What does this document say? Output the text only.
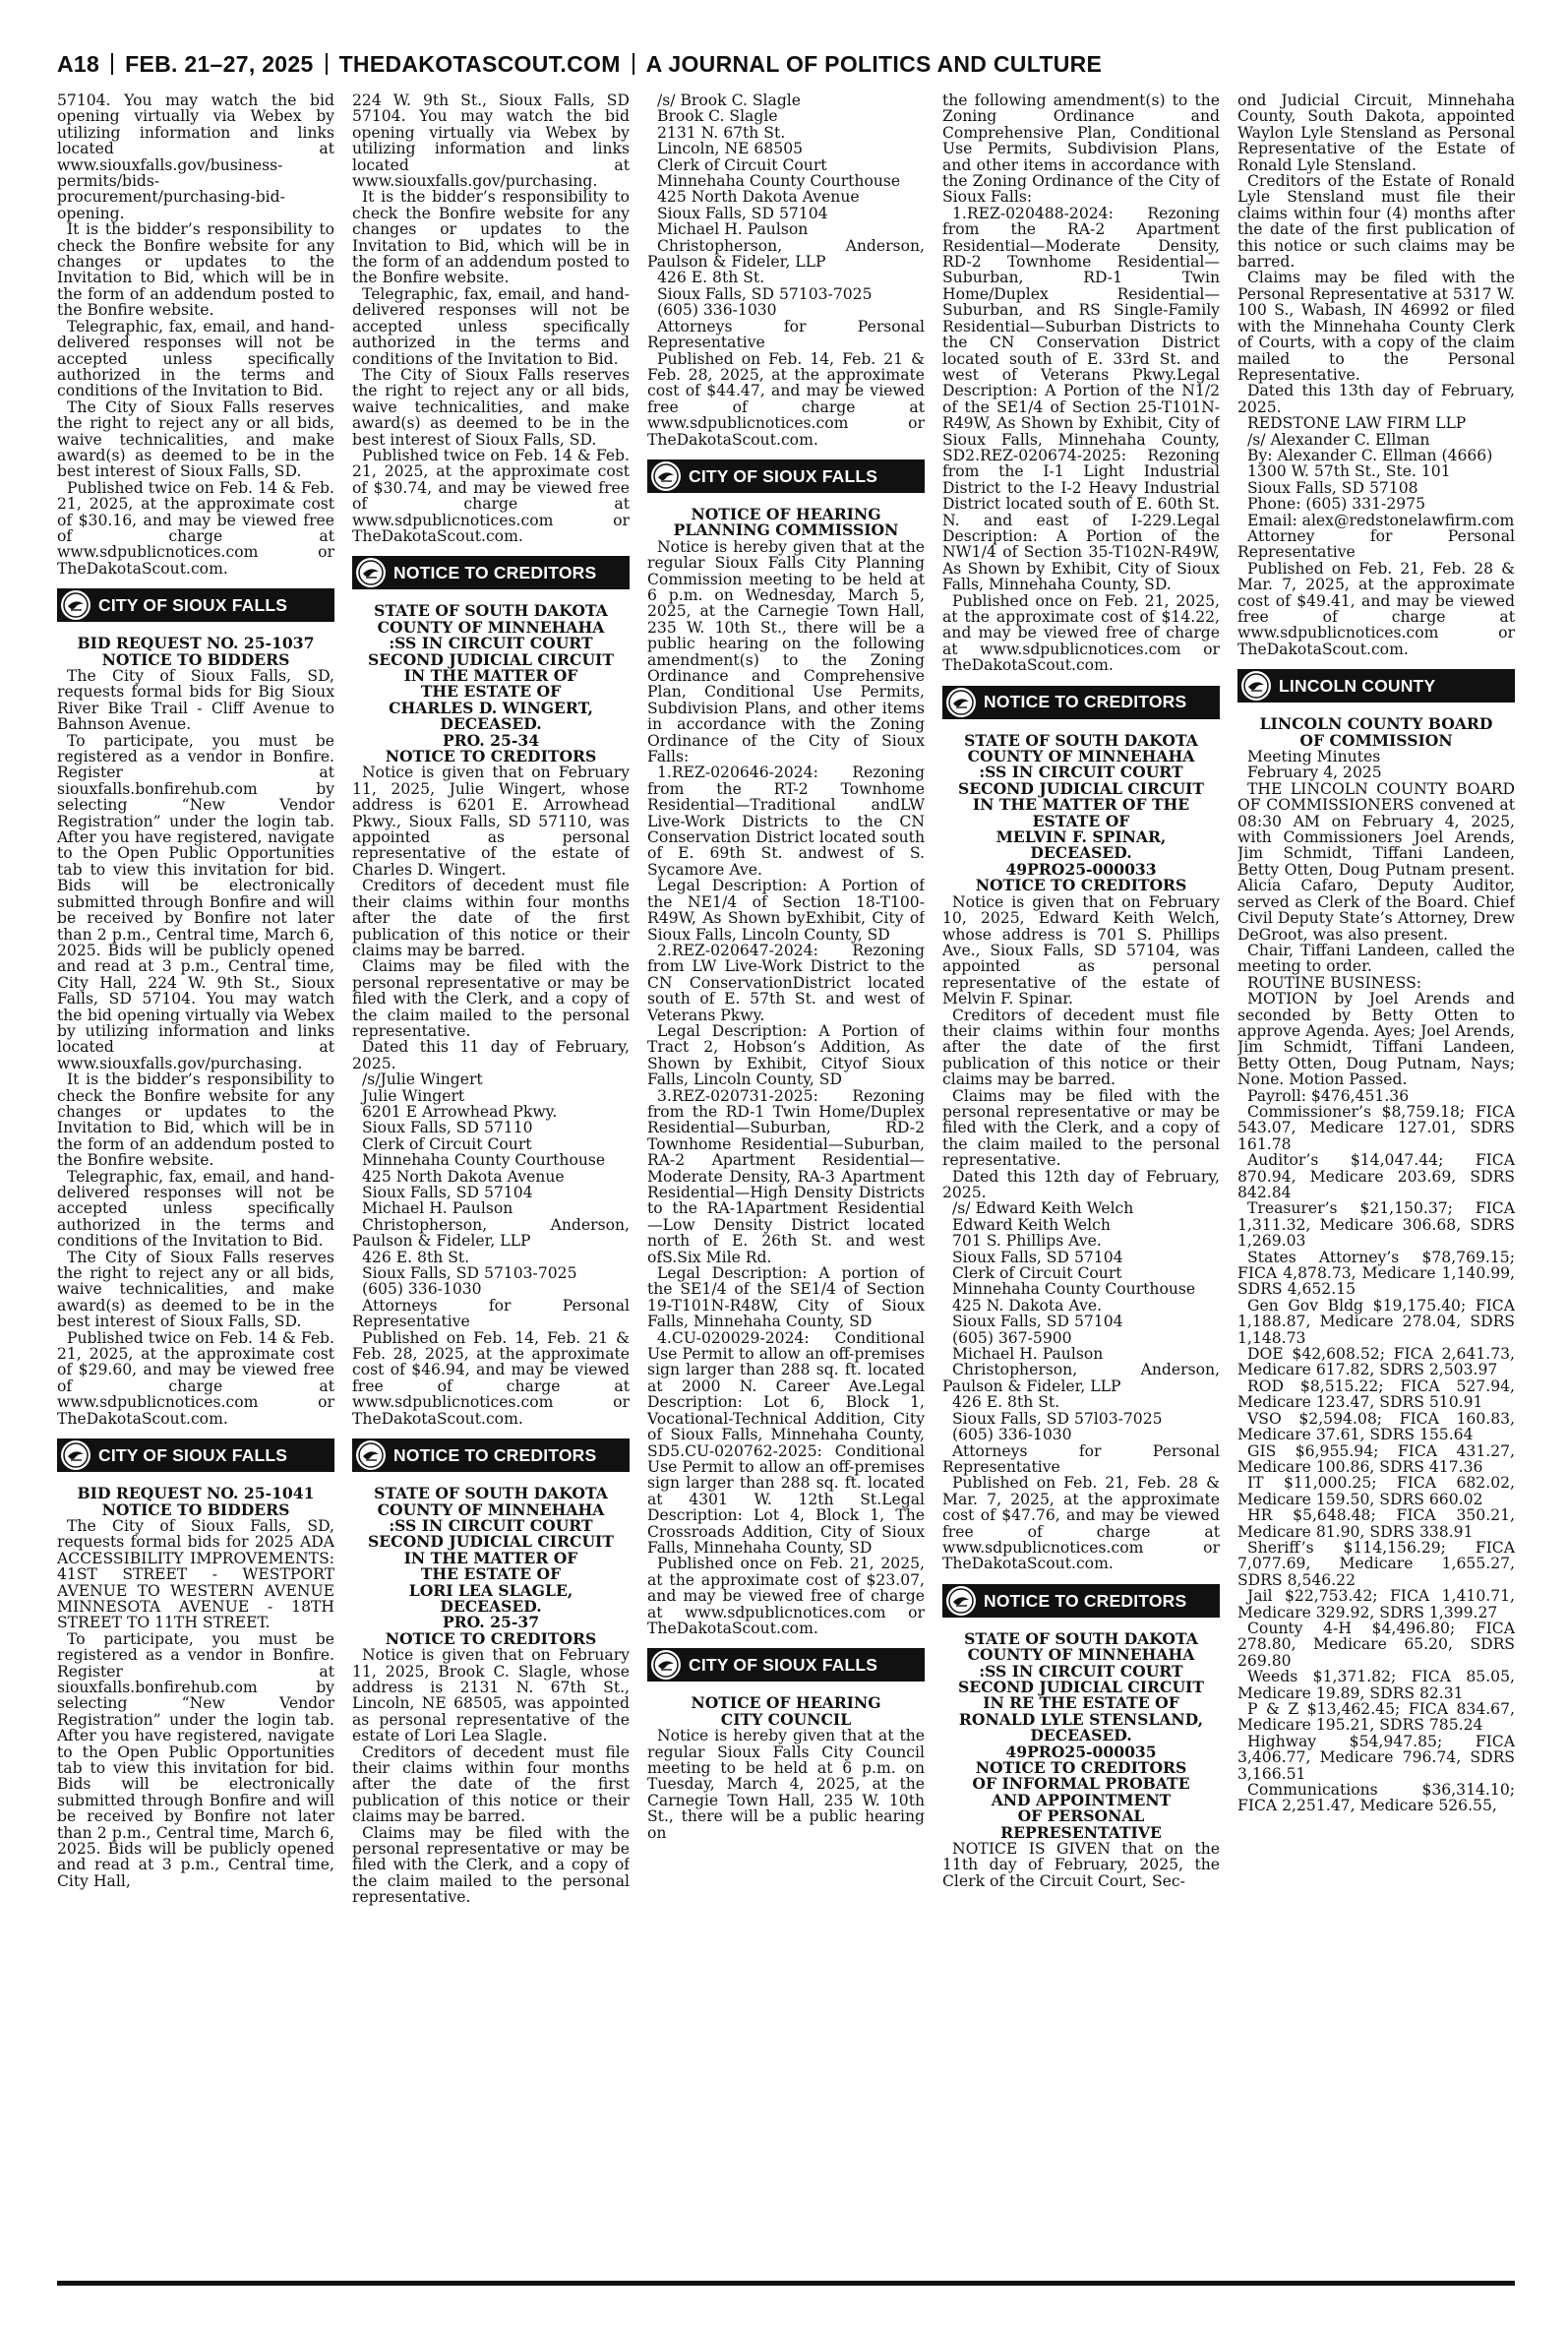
A18 FEB. 21–27, 2025 THEDAKOTASCOUT.COM A JOURNAL OF POLITICS AND CULTURE

57104. You may watch the bid opening virtually via Webex by utilizing information and links located at www.siouxfalls.gov/business-permits/bids-procurement/purchasing-bid-opening.

It is the bidder’s responsibility to check the Bonfire website for any changes or updates to the Invitation to Bid, which will be in the form of an addendum posted to the Bonfire website.

Telegraphic, fax, email, and hand-delivered responses will not be accepted unless specifically authorized in the terms and conditions of the Invitation to Bid.

The City of Sioux Falls reserves the right to reject any or all bids, waive technicalities, and make award(s) as deemed to be in the best interest of Sioux Falls, SD.

Published twice on Feb. 14 & Feb. 21, 2025, at the approximate cost of $30.16, and may be viewed free of charge at www.sdpublicnotices.com or TheDakotaScout.com.

CITY OF SIOUX FALLS
BID REQUEST NO. 25-1037
NOTICE TO BIDDERS

The City of Sioux Falls, SD, requests formal bids for Big Sioux River Bike Trail - Cliff Avenue to Bahnson Avenue.

To participate, you must be registered as a vendor in Bonfire. Register at siouxfalls.bonfirehub.com by selecting “New Vendor Registration” under the login tab. After you have registered, navigate to the Open Public Opportunities tab to view this invitation for bid. Bids will be electronically submitted through Bonfire and will be received by Bonfire not later than 2 p.m., Central time, March 6, 2025. Bids will be publicly opened and read at 3 p.m., Central time, City Hall, 224 W. 9th St., Sioux Falls, SD 57104. You may watch the bid opening virtually via Webex by utilizing information and links located at www.siouxfalls.gov/purchasing.

It is the bidder’s responsibility to check the Bonfire website for any changes or updates to the Invitation to Bid, which will be in the form of an addendum posted to the Bonfire website.

Telegraphic, fax, email, and hand-delivered responses will not be accepted unless specifically authorized in the terms and conditions of the Invitation to Bid.

The City of Sioux Falls reserves the right to reject any or all bids, waive technicalities, and make award(s) as deemed to be in the best interest of Sioux Falls, SD.

Published twice on Feb. 14 & Feb. 21, 2025, at the approximate cost of $29.60, and may be viewed free of charge at www.sdpublicnotices.com or TheDakotaScout.com.

CITY OF SIOUX FALLS
BID REQUEST NO. 25-1041
NOTICE TO BIDDERS

The City of Sioux Falls, SD, requests formal bids for 2025 ADA ACCESSIBILITY IMPROVEMENTS: 41ST STREET - WESTPORT AVENUE TO WESTERN AVENUE MINNESOTA AVENUE - 18TH STREET TO 11TH STREET.

To participate, you must be registered as a vendor in Bonfire. Register at siouxfalls.bonfirehub.com by selecting “New Vendor Registration” under the login tab. After you have registered, navigate to the Open Public Opportunities tab to view this invitation for bid. Bids will be electronically submitted through Bonfire and will be received by Bonfire not later than 2 p.m., Central time, March 6, 2025. Bids will be publicly opened and read at 3 p.m., Central time, City Hall,

224 W. 9th St., Sioux Falls, SD 57104. You may watch the bid opening virtually via Webex by utilizing information and links located at www.siouxfalls.gov/purchasing.

It is the bidder’s responsibility to check the Bonfire website for any changes or updates to the Invitation to Bid, which will be in the form of an addendum posted to the Bonfire website.

Telegraphic, fax, email, and hand-delivered responses will not be accepted unless specifically authorized in the terms and conditions of the Invitation to Bid.

The City of Sioux Falls reserves the right to reject any or all bids, waive technicalities, and make award(s) as deemed to be in the best interest of Sioux Falls, SD.

Published twice on Feb. 14 & Feb. 21, 2025, at the approximate cost of $30.74, and may be viewed free of charge at www.sdpublicnotices.com or TheDakotaScout.com.

NOTICE TO CREDITORS
STATE OF SOUTH DAKOTA
COUNTY OF MINNEHAHA
:SS IN CIRCUIT COURT
SECOND JUDICIAL CIRCUIT
IN THE MATTER OF
THE ESTATE OF
CHARLES D. WINGERT,
DECEASED.
PRO. 25-34
NOTICE TO CREDITORS

Notice is given that on February 11, 2025, Julie Wingert, whose address is 6201 E. Arrowhead Pkwy., Sioux Falls, SD 57110, was appointed as personal representative of the estate of Charles D. Wingert.

Creditors of decedent must file their claims within four months after the date of the first publication of this notice or their claims may be barred.

Claims may be filed with the personal representative or may be filed with the Clerk, and a copy of the claim mailed to the personal representative.

Dated this 11 day of February, 2025.

/s/Julie Wingert

Julie Wingert

6201 E Arrowhead Pkwy.

Sioux Falls, SD 57110

Clerk of Circuit Court

Minnehaha County Courthouse

425 North Dakota Avenue

Sioux Falls, SD 57104

Michael H. Paulson

Christopherson, Anderson, Paulson & Fideler, LLP

426 E. 8th St.

Sioux Falls, SD 57103-7025

(605) 336-1030

Attorneys for Personal Representative

Published on Feb. 14, Feb. 21 & Feb. 28, 2025, at the approximate cost of $46.94, and may be viewed free of charge at www.sdpublicnotices.com or TheDakotaScout.com.

NOTICE TO CREDITORS
STATE OF SOUTH DAKOTA
COUNTY OF MINNEHAHA
:SS IN CIRCUIT COURT
SECOND JUDICIAL CIRCUIT
IN THE MATTER OF
THE ESTATE OF
LORI LEA SLAGLE,
DECEASED.
PRO. 25-37
NOTICE TO CREDITORS

Notice is given that on February 11, 2025, Brook C. Slagle, whose address is 2131 N. 67th St., Lincoln, NE 68505, was appointed as personal representative of the estate of Lori Lea Slagle.

Creditors of decedent must file their claims within four months after the date of the first publication of this notice or their claims may be barred.

Claims may be filed with the personal representative or may be filed with the Clerk, and a copy of the claim mailed to the personal representative.

/s/ Brook C. Slagle

Brook C. Slagle

2131 N. 67th St.

Lincoln, NE 68505

Clerk of Circuit Court

Minnehaha County Courthouse

425 North Dakota Avenue

Sioux Falls, SD 57104

Michael H. Paulson

Christopherson, Anderson, Paulson & Fideler, LLP

426 E. 8th St.

Sioux Falls, SD 57103-7025

(605) 336-1030

Attorneys for Personal Representative

Published on Feb. 14, Feb. 21 & Feb. 28, 2025, at the approximate cost of $44.47, and may be viewed free of charge at www.sdpublicnotices.com or TheDakotaScout.com.

CITY OF SIOUX FALLS
NOTICE OF HEARING
PLANNING COMMISSION

Notice is hereby given that at the regular Sioux Falls City Planning Commission meeting to be held at 6 p.m. on Wednesday, March 5, 2025, at the Carnegie Town Hall, 235 W. 10th St., there will be a public hearing on the following amendment(s) to the Zoning Ordinance and Comprehensive Plan, Conditional Use Permits, Subdivision Plans, and other items in accordance with the Zoning Ordinance of the City of Sioux Falls:

1.REZ-020646-2024: Rezoning from the RT-2 Townhome Residential—Traditional andLW Live-Work Districts to the CN Conservation District located south of E. 69th St. andwest of S. Sycamore Ave.

Legal Description: A Portion of the NE1/4 of Section 18-T100-R49W, As Shown byExhibit, City of Sioux Falls, Lincoln County, SD

2.REZ-020647-2024: Rezoning from LW Live-Work District to the CN ConservationDistrict located south of E. 57th St. and west of Veterans Pkwy.

Legal Description: A Portion of Tract 2, Hobson’s Addition, As Shown by Exhibit, Cityof Sioux Falls, Lincoln County, SD

3.REZ-020731-2025: Rezoning from the RD-1 Twin Home/Duplex Residential—Suburban, RD-2 Townhome Residential—Suburban, RA-2 Apartment Residential—Moderate Density, RA-3 Apartment Residential—High Density Districts to the RA-1Apartment Residential—Low Density District located north of E. 26th St. and west ofS.Six Mile Rd.

Legal Description: A portion of the SE1/4 of the SE1/4 of Section 19-T101N-R48W, City of Sioux Falls, Minnehaha County, SD

4.CU-020029-2024: Conditional Use Permit to allow an off-premises sign larger than 288 sq. ft. located at 2000 N. Career Ave.Legal Description: Lot 6, Block 1, Vocational-Technical Addition, City of Sioux Falls, Minnehaha County, SD5.CU-020762-2025: Conditional Use Permit to allow an off-premises sign larger than 288 sq. ft. located at 4301 W. 12th St.Legal Description: Lot 4, Block 1, The Crossroads Addition, City of Sioux Falls, Minnehaha County, SD

Published once on Feb. 21, 2025, at the approximate cost of $23.07, and may be viewed free of charge at www.sdpublicnotices.com or TheDakotaScout.com.

CITY OF SIOUX FALLS
NOTICE OF HEARING
CITY COUNCIL

Notice is hereby given that at the regular Sioux Falls City Council meeting to be held at 6 p.m. on Tuesday, March 4, 2025, at the Carnegie Town Hall, 235 W. 10th St., there will be a public hearing on

the following amendment(s) to the Zoning Ordinance and Comprehensive Plan, Conditional Use Permits, Subdivision Plans, and other items in accordance with the Zoning Ordinance of the City of Sioux Falls:

1.REZ-020488-2024: Rezoning from the RA-2 Apartment Residential—Moderate Density, RD-2 Townhome Residential—Suburban, RD-1 Twin Home/Duplex Residential—Suburban, and RS Single-Family Residential—Suburban Districts to the CN Conservation District located south of E. 33rd St. and west of Veterans Pkwy.Legal Description: A Portion of the N1/2 of the SE1/4 of Section 25-T101N-R49W, As Shown by Exhibit, City of Sioux Falls, Minnehaha County, SD2.REZ-020674-2025: Rezoning from the I-1 Light Industrial District to the I-2 Heavy Industrial District located south of E. 60th St. N. and east of I-229.Legal Description: A Portion of the NW1/4 of Section 35-T102N-R49W, As Shown by Exhibit, City of Sioux Falls, Minnehaha County, SD.

Published once on Feb. 21, 2025, at the approximate cost of $14.22, and may be viewed free of charge at www.sdpublicnotices.com or TheDakotaScout.com.

NOTICE TO CREDITORS
STATE OF SOUTH DAKOTA
COUNTY OF MINNEHAHA
:SS IN CIRCUIT COURT
SECOND JUDICIAL CIRCUIT
IN THE MATTER OF THE
ESTATE OF
MELVIN F. SPINAR,
DECEASED.
49PRO25-000033
NOTICE TO CREDITORS

Notice is given that on February 10, 2025, Edward Keith Welch, whose address is 701 S. Phillips Ave., Sioux Falls, SD 57104, was appointed as personal representative of the estate of Melvin F. Spinar.

Creditors of decedent must file their claims within four months after the date of the first publication of this notice or their claims may be barred.

Claims may be filed with the personal representative or may be filed with the Clerk, and a copy of the claim mailed to the personal representative.

Dated this 12th day of February, 2025.

/s/ Edward Keith Welch

Edward Keith Welch

701 S. Phillips Ave.

Sioux Falls, SD 57104

Clerk of Circuit Court

Minnehaha County Courthouse

425 N. Dakota Ave.

Sioux Falls, SD 57104

(605) 367-5900

Michael H. Paulson

Christopherson, Anderson, Paulson & Fideler, LLP

426 E. 8th St.

Sioux Falls, SD 57l03-7025

(605) 336-1030

Attorneys for Personal Representative

Published on Feb. 21, Feb. 28 & Mar. 7, 2025, at the approximate cost of $47.76, and may be viewed free of charge at www.sdpublicnotices.com or TheDakotaScout.com.

NOTICE TO CREDITORS
STATE OF SOUTH DAKOTA
COUNTY OF MINNEHAHA
:SS IN CIRCUIT COURT
SECOND JUDICIAL CIRCUIT
IN RE THE ESTATE OF
RONALD LYLE STENSLAND,
DECEASED.
49PRO25-000035
NOTICE TO CREDITORS
OF INFORMAL PROBATE
AND APPOINTMENT
OF PERSONAL
REPRESENTATIVE

NOTICE IS GIVEN that on the 11th day of February, 2025, the Clerk of the Circuit Court, Sec-

ond Judicial Circuit, Minnehaha County, South Dakota, appointed Waylon Lyle Stensland as Personal Representative of the Estate of Ronald Lyle Stensland.

Creditors of the Estate of Ronald Lyle Stensland must file their claims within four (4) months after the date of the first publication of this notice or such claims may be barred.

Claims may be filed with the Personal Representative at 5317 W. 100 S., Wabash, IN 46992 or filed with the Minnehaha County Clerk of Courts, with a copy of the claim mailed to the Personal Representative.

Dated this 13th day of February, 2025.

REDSTONE LAW FIRM LLP

/s/ Alexander C. Ellman

By: Alexander C. Ellman (4666)

1300 W. 57th St., Ste. 101

Sioux Falls, SD 57108

Phone: (605) 331-2975

Email: alex@redstonelawfirm.com

Attorney for Personal Representative

Published on Feb. 21, Feb. 28 & Mar. 7, 2025, at the approximate cost of $49.41, and may be viewed free of charge at www.sdpublicnotices.com or TheDakotaScout.com.

LINCOLN COUNTY
LINCOLN COUNTY BOARD
OF COMMISSION

Meeting Minutes

February 4, 2025

THE LINCOLN COUNTY BOARD OF COMMISSIONERS convened at 08:30 AM on February 4, 2025, with Commissioners Joel Arends, Jim Schmidt, Tiffani Landeen, Betty Otten, Doug Putnam present. Alicia Cafaro, Deputy Auditor, served as Clerk of the Board. Chief Civil Deputy State’s Attorney, Drew DeGroot, was also present.

Chair, Tiffani Landeen, called the meeting to order.

ROUTINE BUSINESS:

MOTION by Joel Arends and seconded by Betty Otten to approve Agenda. Ayes; Joel Arends, Jim Schmidt, Tiffani Landeen, Betty Otten, Doug Putnam, Nays; None. Motion Passed.

Payroll: $476,451.36

Commissioner’s $8,759.18; FICA 543.07, Medicare 127.01, SDRS 161.78

Auditor’s $14,047.44; FICA 870.94, Medicare 203.69, SDRS 842.84

Treasurer’s $21,150.37; FICA 1,311.32, Medicare 306.68, SDRS 1,269.03

States Attorney’s $78,769.15; FICA 4,878.73, Medicare 1,140.99, SDRS 4,652.15

Gen Gov Bldg $19,175.40; FICA 1,188.87, Medicare 278.04, SDRS 1,148.73

DOE $42,608.52; FICA 2,641.73, Medicare 617.82, SDRS 2,503.97

ROD $8,515.22; FICA 527.94, Medicare 123.47, SDRS 510.91

VSO $2,594.08; FICA 160.83, Medicare 37.61, SDRS 155.64

GIS $6,955.94; FICA 431.27, Medicare 100.86, SDRS 417.36

IT $11,000.25; FICA 682.02, Medicare 159.50, SDRS 660.02

HR $5,648.48; FICA 350.21, Medicare 81.90, SDRS 338.91

Sheriff’s $114,156.29; FICA 7,077.69, Medicare 1,655.27, SDRS 8,546.22

Jail $22,753.42; FICA 1,410.71, Medicare 329.92, SDRS 1,399.27

County 4-H $4,496.80; FICA 278.80, Medicare 65.20, SDRS 269.80

Weeds $1,371.82; FICA 85.05, Medicare 19.89, SDRS 82.31

P & Z $13,462.45; FICA 834.67, Medicare 195.21, SDRS 785.24

Highway $54,947.85; FICA 3,406.77, Medicare 796.74, SDRS 3,166.51

Communications $36,314.10; FICA 2,251.47, Medicare 526.55,
